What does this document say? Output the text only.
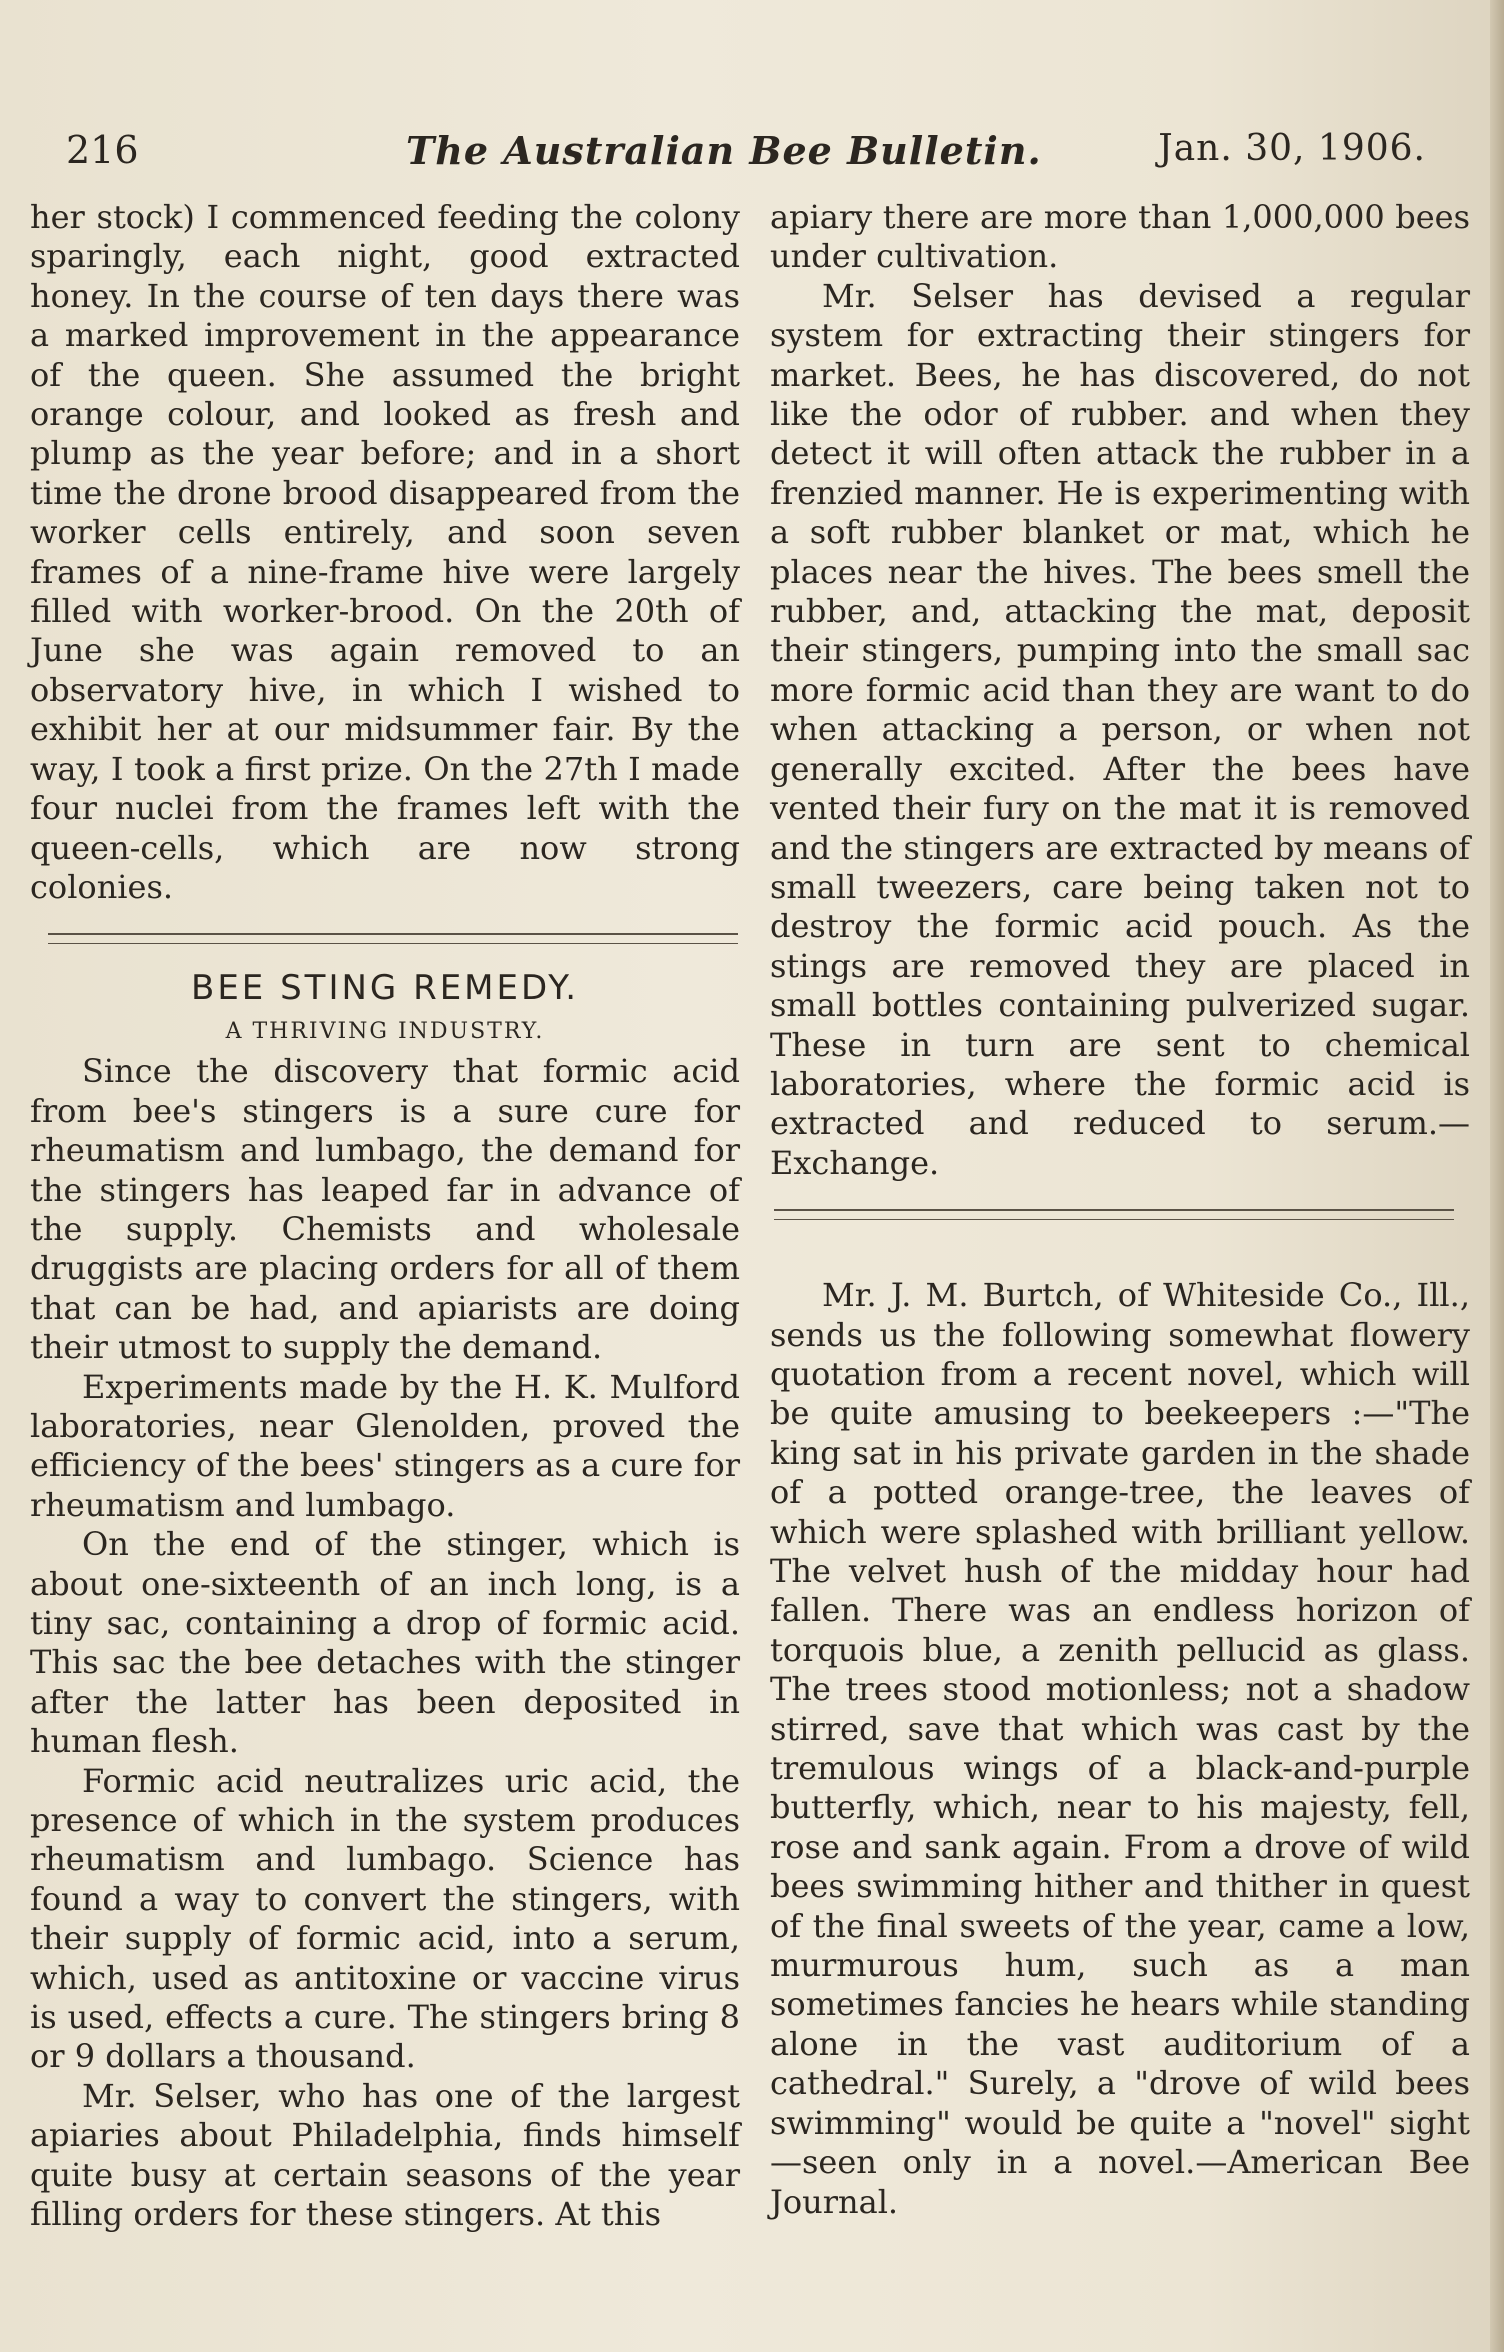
216	The Australian Bee Bulletin.	Jan. 30, 1906.

her stock) I commenced feeding the colony sparingly, each night, good extracted honey. In the course of ten days there was a marked improvement in the appearance of the queen. She assumed the bright orange colour, and looked as fresh and plump as the year before; and in a short time the drone brood disappeared from the worker cells entirely, and soon seven frames of a nine-frame hive were largely filled with worker-brood. On the 20th of June she was again removed to an observatory hive, in which I wished to exhibit her at our midsummer fair. By the way, I took a first prize. On the 27th I made four nuclei from the frames left with the queen-cells, which are now strong colonies.

BEE STING REMEDY.
A THRIVING INDUSTRY.

Since the discovery that formic acid from bee's stingers is a sure cure for rheumatism and lumbago, the demand for the stingers has leaped far in advance of the supply. Chemists and wholesale druggists are placing orders for all of them that can be had, and apiarists are doing their utmost to supply the demand.

Experiments made by the H. K. Mulford laboratories, near Glenolden, proved the efficiency of the bees' stingers as a cure for rheumatism and lumbago.

On the end of the stinger, which is about one-sixteenth of an inch long, is a tiny sac, containing a drop of formic acid. This sac the bee detaches with the stinger after the latter has been deposited in human flesh.

Formic acid neutralizes uric acid, the presence of which in the system produces rheumatism and lumbago. Science has found a way to convert the stingers, with their supply of formic acid, into a serum, which, used as antitoxine or vaccine virus is used, effects a cure. The stingers bring 8 or 9 dollars a thousand.

Mr. Selser, who has one of the largest apiaries about Philadelphia, finds himself quite busy at certain seasons of the year filling orders for these stingers. At this

apiary there are more than 1,000,000 bees under cultivation.

Mr. Selser has devised a regular system for extracting their stingers for market. Bees, he has discovered, do not like the odor of rubber. and when they detect it will often attack the rubber in a frenzied manner. He is experimenting with a soft rubber blanket or mat, which he places near the hives. The bees smell the rubber, and, attacking the mat, deposit their stingers, pumping into the small sac more formic acid than they are want to do when attacking a person, or when not generally excited. After the bees have vented their fury on the mat it is removed and the stingers are extracted by means of small tweezers, care being taken not to destroy the formic acid pouch. As the stings are removed they are placed in small bottles containing pulverized sugar. These in turn are sent to chemical laboratories, where the formic acid is extracted and reduced to serum.—Exchange.

Mr. J. M. Burtch, of Whiteside Co., Ill., sends us the following somewhat flowery quotation from a recent novel, which will be quite amusing to beekeepers :—"The king sat in his private garden in the shade of a potted orange-tree, the leaves of which were splashed with brilliant yellow. The velvet hush of the midday hour had fallen. There was an endless horizon of torquois blue, a zenith pellucid as glass. The trees stood motionless; not a shadow stirred, save that which was cast by the tremulous wings of a black-and-purple butterfly, which, near to his majesty, fell, rose and sank again. From a drove of wild bees swimming hither and thither in quest of the final sweets of the year, came a low, murmurous hum, such as a man sometimes fancies he hears while standing alone in the vast auditorium of a cathedral." Surely, a "drove of wild bees swimming" would be quite a "novel" sight—seen only in a novel.—American Bee Journal.
